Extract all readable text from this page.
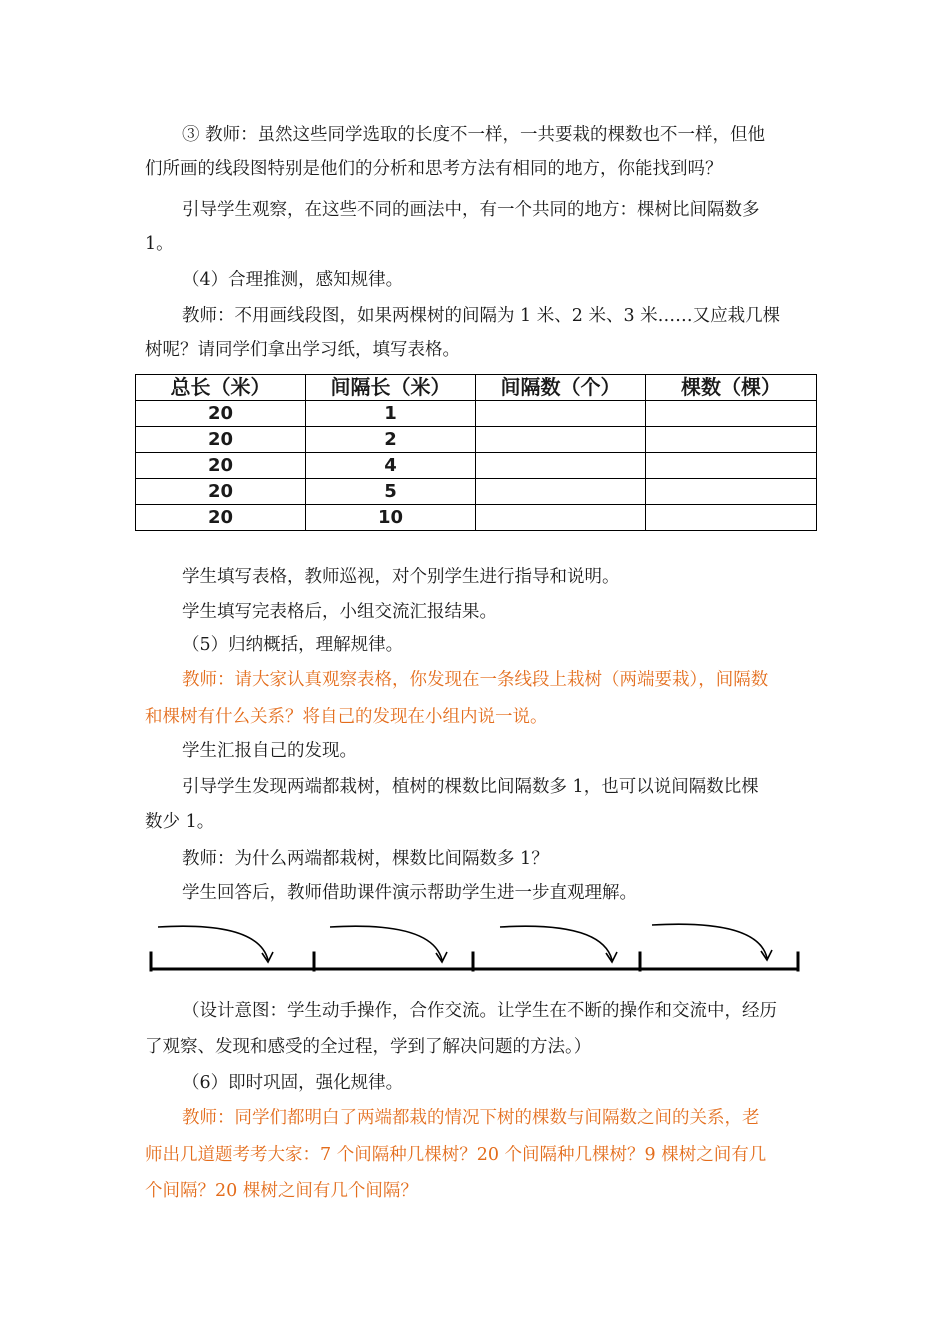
③ 教师：虽然这些同学选取的长度不一样，一共要栽的棵数也不一样，但他

们所画的线段图特别是他们的分析和思考方法有相同的地方，你能找到吗？

引导学生观察，在这些不同的画法中，有一个共同的地方：棵树比间隔数多

1。

（4）合理推测，感知规律。

教师：不用画线段图，如果两棵树的间隔为 1 米、2 米、3 米……又应栽几棵

树呢？请同学们拿出学习纸，填写表格。

总长（米）	间隔长（米）	间隔数（个）	棵数（棵）
20	1		
20	2		
20	4		
20	5		
20	10		

学生填写表格，教师巡视，对个别学生进行指导和说明。

学生填写完表格后，小组交流汇报结果。

（5）归纳概括，理解规律。

教师：请大家认真观察表格，你发现在一条线段上栽树（两端要栽），间隔数

和棵树有什么关系？将自己的发现在小组内说一说。

学生汇报自己的发现。

引导学生发现两端都栽树，植树的棵数比间隔数多 1，也可以说间隔数比棵

数少 1。

教师：为什么两端都栽树，棵数比间隔数多 1？

学生回答后，教师借助课件演示帮助学生进一步直观理解。

（设计意图：学生动手操作，合作交流。让学生在不断的操作和交流中，经历

了观察、发现和感受的全过程，学到了解决问题的方法。）

（6）即时巩固，强化规律。

教师：同学们都明白了两端都栽的情况下树的棵数与间隔数之间的关系，老

师出几道题考考大家：7 个间隔种几棵树？20 个间隔种几棵树？9 棵树之间有几

个间隔？20 棵树之间有几个间隔？
